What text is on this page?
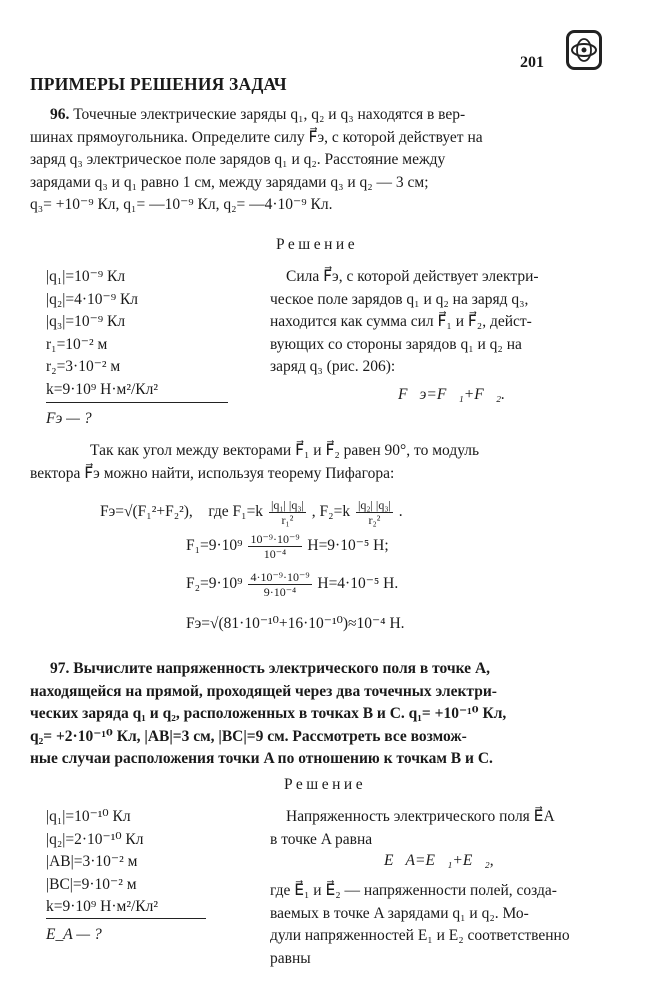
201
ПРИМЕРЫ РЕШЕНИЯ ЗАДАЧ

96. Точечные электрические заряды q₁, q₂ и q₃ находятся в вер-

шинах прямоугольника. Определите силу F⃗э, с которой действует на

заряд q₃ электрическое поле зарядов q₁ и q₂. Расстояние между

зарядами q₃ и q₁ равно 1 см, между зарядами q₃ и q₂ — 3 см;

q₃= +10⁻⁹ Кл, q₁= —10⁻⁹ Кл, q₂= —4·10⁻⁹ Кл.

Решение
|q₁|=10⁻⁹ Кл
|q₂|=4·10⁻⁹ Кл
|q₃|=10⁻⁹ Кл
r₁=10⁻² м
r₂=3·10⁻² м
k=9·10⁹ Н·м²/Кл²
Fэ — ?
Сила F⃗э, с которой действует электри-
ческое поле зарядов q₁ и q₂ на заряд q₃,
находится как сумма сил F⃗₁ и F⃗₂, дейст-
вующих со стороны зарядов q₁ и q₂ на
заряд q₃ (рис. 206):
F⃗э=F⃗₁+F⃗₂.

Так как угол между векторами F⃗₁ и F⃗₂ равен 90°, то модуль

вектора F⃗э можно найти, используя теорему Пифагора:

Fэ=√(F₁²+F₂²), где $F_1=k \frac{\text{|q₁| |q₃|}}{\text{r₁²}}$ , $F_2=k \frac{\text{|q₂| |q₃|}}{\text{r₂²}}$ .
$F_1=9\cdot 10^9 \frac{\text{10⁻⁹·10⁻⁹}}{\text{10⁻⁴}} Н=9\cdot 10^{-5}$ Н;
$F_2=9\cdot 10^9 \frac{\text{4·10⁻⁹·10⁻⁹}}{\text{9·10⁻⁴}} Н=4\cdot 10^{-5}$ Н.
Fэ=√(81·10⁻¹⁰+16·10⁻¹⁰)≈10⁻⁴ Н.

97. Вычислите напряженность электрического поля в точке A,

находящейся на прямой, проходящей через два точечных электри-

ческих заряда q₁ и q₂, расположенных в точках B и C. q₁= +10⁻¹⁰ Кл,

q₂= +2·10⁻¹⁰ Кл, |AB|=3 см, |BC|=9 см. Рассмотреть все возмож-

ные случаи расположения точки A по отношению к точкам B и C.

Решение
|q₁|=10⁻¹⁰ Кл
|q₂|=2·10⁻¹⁰ Кл
|AB|=3·10⁻² м
|BC|=9·10⁻² м
k=9·10⁹ Н·м²/Кл²
E_A — ?
Напряженность электрического поля E⃗A
в точке A равна
E⃗A=E⃗₁+E⃗₂,
где E⃗₁ и E⃗₂ — напряженности полей, созда-
ваемых в точке A зарядами q₁ и q₂. Мо-
дули напряженностей E₁ и E₂ соответственно
равны
